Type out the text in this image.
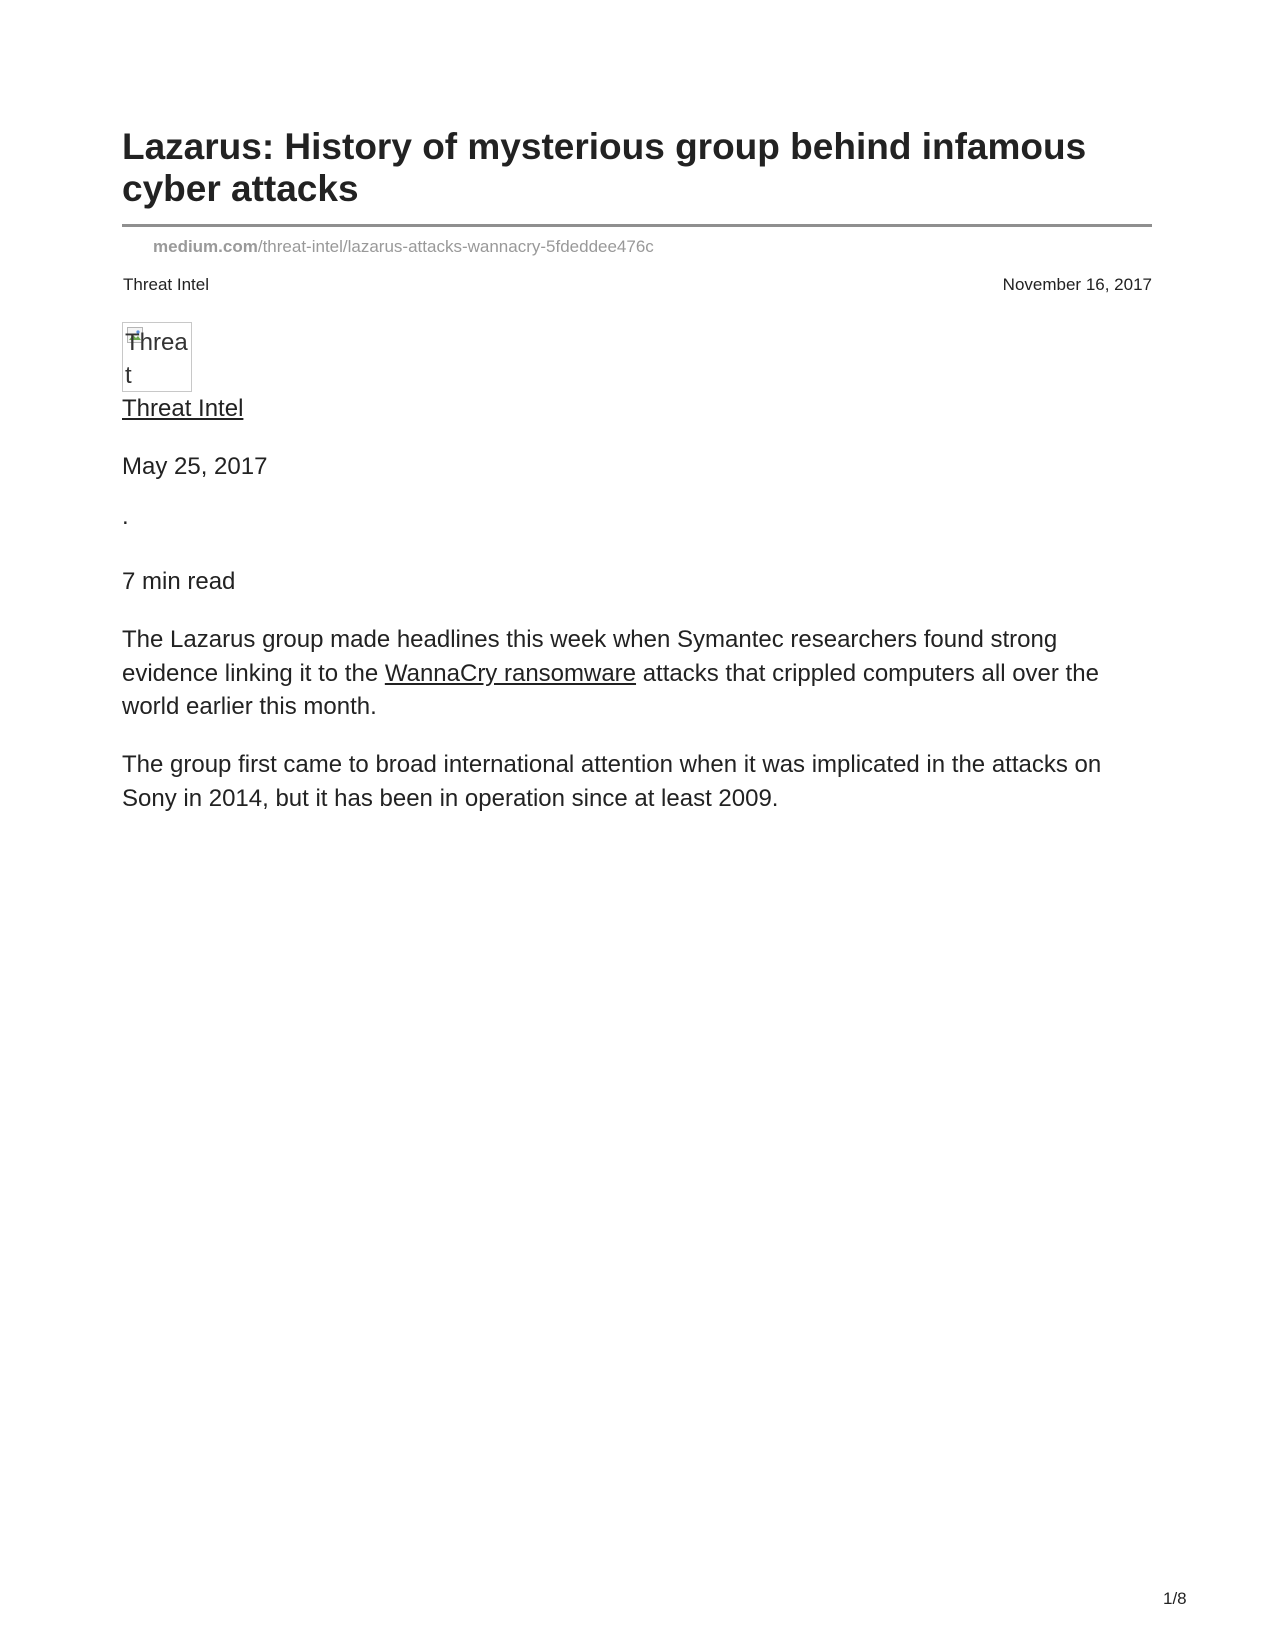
Lazarus: History of mysterious group behind infamous cyber attacks
medium.com/threat-intel/lazarus-attacks-wannacry-5fdeddee476c
Threat Intel	November 16, 2017
Threat
Threat Intel
May 25, 2017
.
7 min read

The Lazarus group made headlines this week when Symantec researchers found strong evidence linking it to the WannaCry ransomware attacks that crippled computers all over the world earlier this month.

The group first came to broad international attention when it was implicated in the attacks on Sony in 2014, but it has been in operation since at least 2009.

1/8
